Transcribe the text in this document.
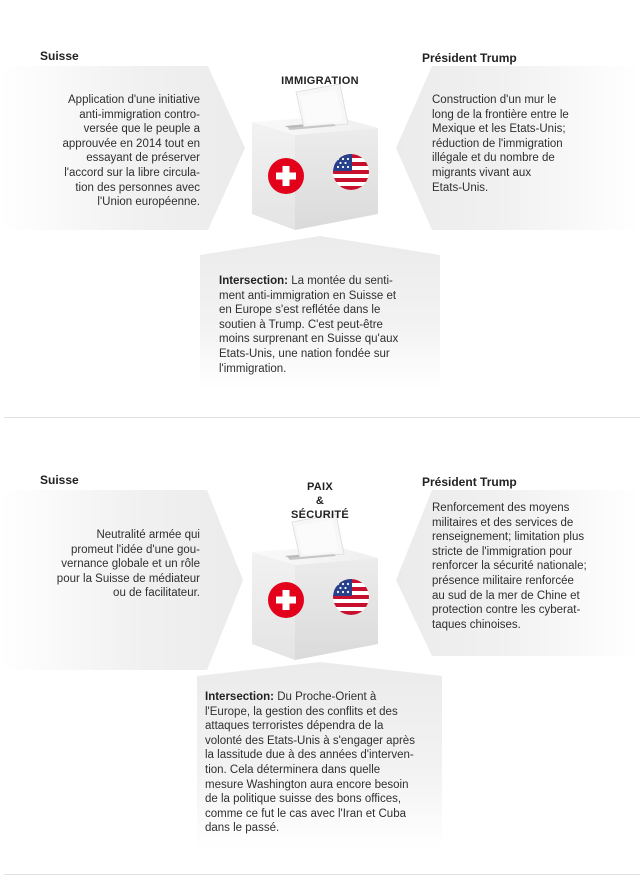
Suisse	Président Trump
IMMIGRATION
Application d'une initiative
anti-immigration contro-
versée que le peuple a
approuvée en 2014 tout en
essayant de préserver
l'accord sur la libre circula-
tion des personnes avec
l'Union européenne.
Construction d'un mur le
long de la frontière entre le
Mexique et les Etats-Unis;
réduction de l'immigration
illégale et du nombre de
migrants vivant aux
Etats-Unis.
Intersection: La montée du senti-
ment anti-immigration en Suisse et
en Europe s'est reflétée dans le
soutien à Trump. C'est peut-être
moins surprenant en Suisse qu'aux
Etats-Unis, une nation fondée sur
l'immigration.
Suisse	Président Trump
PAIX
&
SÉCURITÉ
Neutralité armée qui
promeut l'idée d'une gou-
vernance globale et un rôle
pour la Suisse de médiateur
ou de facilitateur.
Renforcement des moyens
militaires et des services de
renseignement; limitation plus
stricte de l'immigration pour
renforcer la sécurité nationale;
présence militaire renforcée
au sud de la mer de Chine et
protection contre les cyberat-
taques chinoises.
Intersection: Du Proche-Orient à
l'Europe, la gestion des conflits et des
attaques terroristes dépendra de la
volonté des Etats-Unis à s'engager après
la lassitude due à des années d'interven-
tion. Cela déterminera dans quelle
mesure Washington aura encore besoin
de la politique suisse des bons offices,
comme ce fut le cas avec l'Iran et Cuba
dans le passé.
